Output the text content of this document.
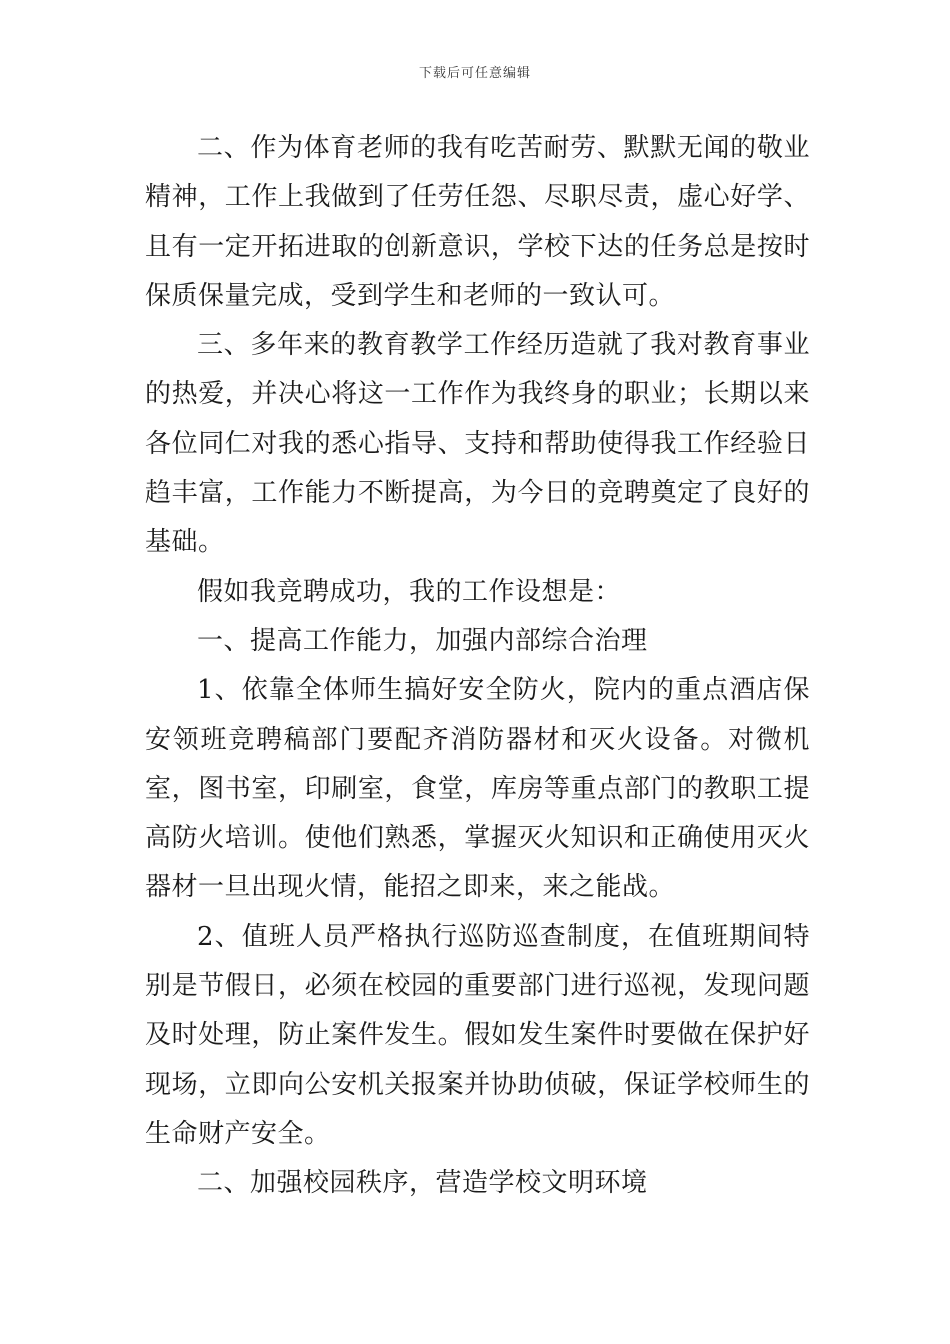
下载后可任意编辑

二、作为体育老师的我有吃苦耐劳、默默无闻的敬业精神，工作上我做到了任劳任怨、尽职尽责，虚心好学、且有一定开拓进取的创新意识，学校下达的任务总是按时保质保量完成，受到学生和老师的一致认可。

三、多年来的教育教学工作经历造就了我对教育事业的热爱，并决心将这一工作作为我终身的职业；长期以来各位同仁对我的悉心指导、支持和帮助使得我工作经验日趋丰富，工作能力不断提高，为今日的竞聘奠定了良好的基础。

假如我竞聘成功，我的工作设想是：

一、提高工作能力，加强内部综合治理

1、依靠全体师生搞好安全防火，院内的重点酒店保安领班竞聘稿部门要配齐消防器材和灭火设备。对微机室，图书室，印刷室，食堂，库房等重点部门的教职工提高防火培训。使他们熟悉，掌握灭火知识和正确使用灭火器材一旦出现火情，能招之即来，来之能战。

2、值班人员严格执行巡防巡查制度，在值班期间特别是节假日，必须在校园的重要部门进行巡视，发现问题及时处理，防止案件发生。假如发生案件时要做在保护好现场，立即向公安机关报案并协助侦破，保证学校师生的生命财产安全。

二、加强校园秩序，营造学校文明环境
